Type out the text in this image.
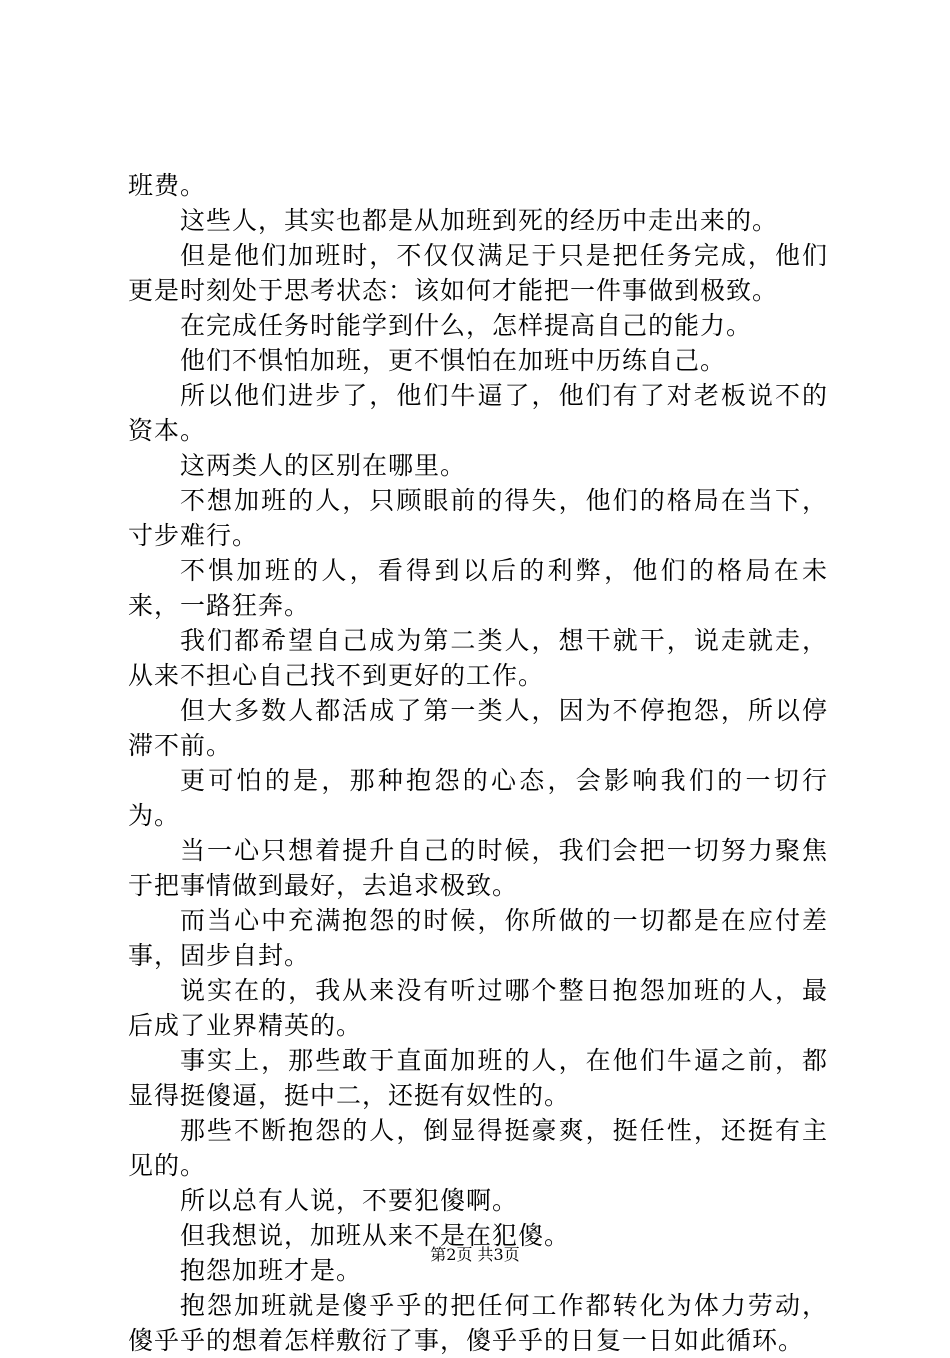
班费。

这些人，其实也都是从加班到死的经历中走出来的。

但是他们加班时，不仅仅满足于只是把任务完成，他们更是时刻处于思考状态：该如何才能把一件事做到极致。

在完成任务时能学到什么，怎样提高自己的能力。

他们不惧怕加班，更不惧怕在加班中历练自己。

所以他们进步了，他们牛逼了，他们有了对老板说不的资本。

这两类人的区别在哪里。

不想加班的人，只顾眼前的得失，他们的格局在当下，寸步难行。

不惧加班的人，看得到以后的利弊，他们的格局在未来，一路狂奔。

我们都希望自己成为第二类人，想干就干，说走就走，从来不担心自己找不到更好的工作。

但大多数人都活成了第一类人，因为不停抱怨，所以停滞不前。

更可怕的是，那种抱怨的心态，会影响我们的一切行为。

当一心只想着提升自己的时候，我们会把一切努力聚焦于把事情做到最好，去追求极致。

而当心中充满抱怨的时候，你所做的一切都是在应付差事，固步自封。

说实在的，我从来没有听过哪个整日抱怨加班的人，最后成了业界精英的。

事实上，那些敢于直面加班的人，在他们牛逼之前，都显得挺傻逼，挺中二，还挺有奴性的。

那些不断抱怨的人，倒显得挺豪爽，挺任性，还挺有主见的。

所以总有人说，不要犯傻啊。

但我想说，加班从来不是在犯傻。

抱怨加班才是。

抱怨加班就是傻乎乎的把任何工作都转化为体力劳动，傻乎乎的想着怎样敷衍了事，傻乎乎的日复一日如此循环。

第2页 共3页
